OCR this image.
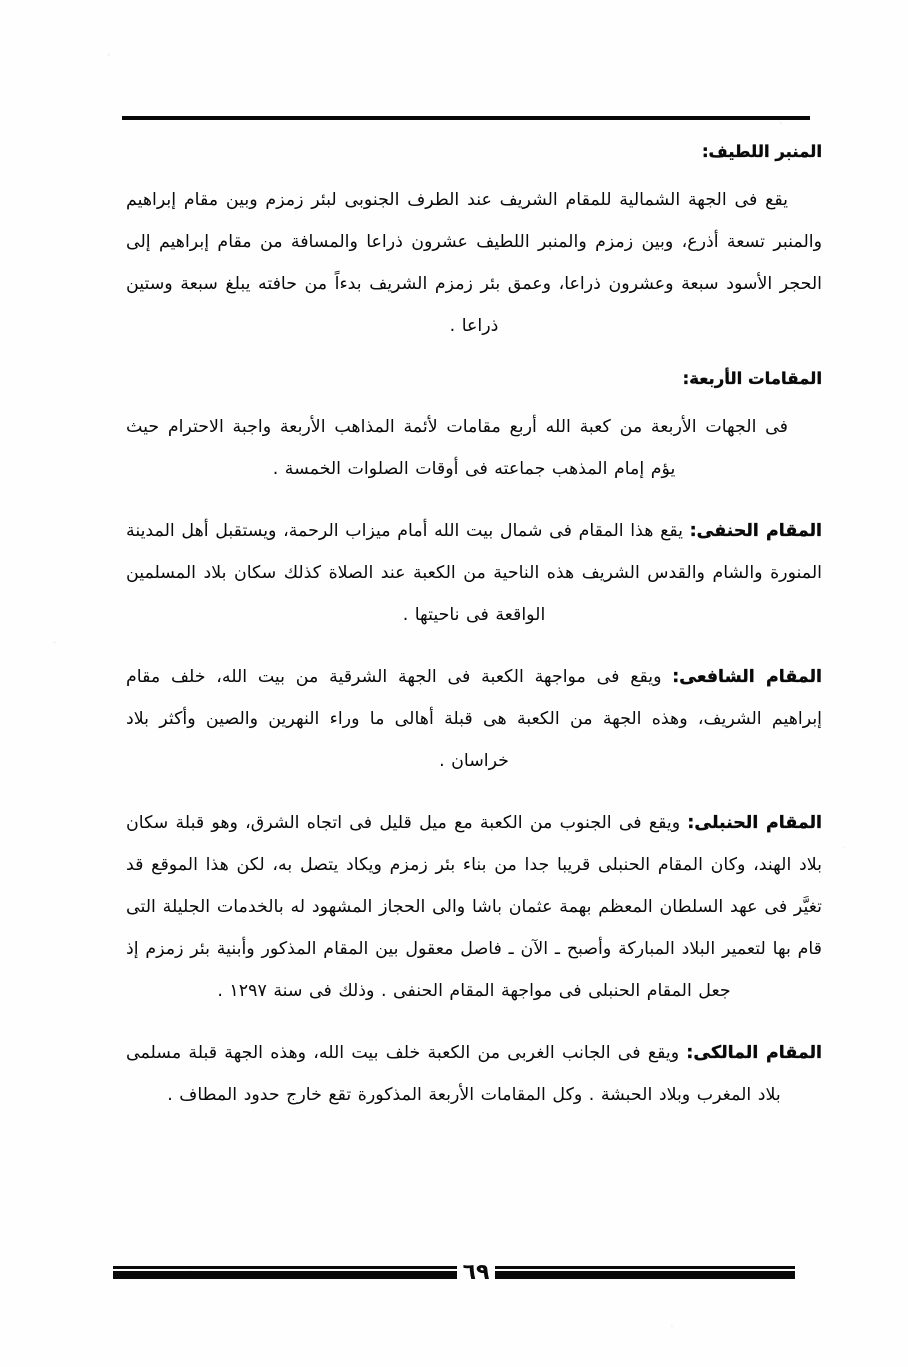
المنبر اللطيف:

يقع فى الجهة الشمالية للمقام الشريف عند الطرف الجنوبى لبئر زمزم وبين مقام إبراهيم والمنبر تسعة أذرع، وبين زمزم والمنبر اللطيف عشرون ذراعا والمسافة من مقام إبراهيم إلى الحجر الأسود سبعة وعشرون ذراعا، وعمق بئر زمزم الشريف بدءاً من حافته يبلغ سبعة وستين ذراعا .

المقامات الأربعة:

فى الجهات الأربعة من كعبة الله أربع مقامات لأئمة المذاهب الأربعة واجبة الاحترام حيث يؤم إمام المذهب جماعته فى أوقات الصلوات الخمسة .

المقام الحنفى: يقع هذا المقام فى شمال بيت الله أمام ميزاب الرحمة، ويستقبل أهل المدينة المنورة والشام والقدس الشريف هذه الناحية من الكعبة عند الصلاة كذلك سكان بلاد المسلمين الواقعة فى ناحيتها .

المقام الشافعى: ويقع فى مواجهة الكعبة فى الجهة الشرقية من بيت الله، خلف مقام إبراهيم الشريف، وهذه الجهة من الكعبة هى قبلة أهالى ما وراء النهرين والصين وأكثر بلاد خراسان .

المقام الحنبلى: ويقع فى الجنوب من الكعبة مع ميل قليل فى اتجاه الشرق، وهو قبلة سكان بلاد الهند، وكان المقام الحنبلى قريبا جدا من بناء بئر زمزم ويكاد يتصل به، لكن هذا الموقع قد تغيَّر فى عهد السلطان المعظم بهمة عثمان باشا والى الحجاز المشهود له بالخدمات الجليلة التى قام بها لتعمير البلاد المباركة وأصبح ـ الآن ـ فاصل معقول بين المقام المذكور وأبنية بئر زمزم إذ جعل المقام الحنبلى فى مواجهة المقام الحنفى . وذلك فى سنة ١٢٩٧ .

المقام المالكى: ويقع فى الجانب الغربى من الكعبة خلف بيت الله، وهذه الجهة قبلة مسلمى بلاد المغرب وبلاد الحبشة . وكل المقامات الأربعة المذكورة تقع خارج حدود المطاف .

٦٩
